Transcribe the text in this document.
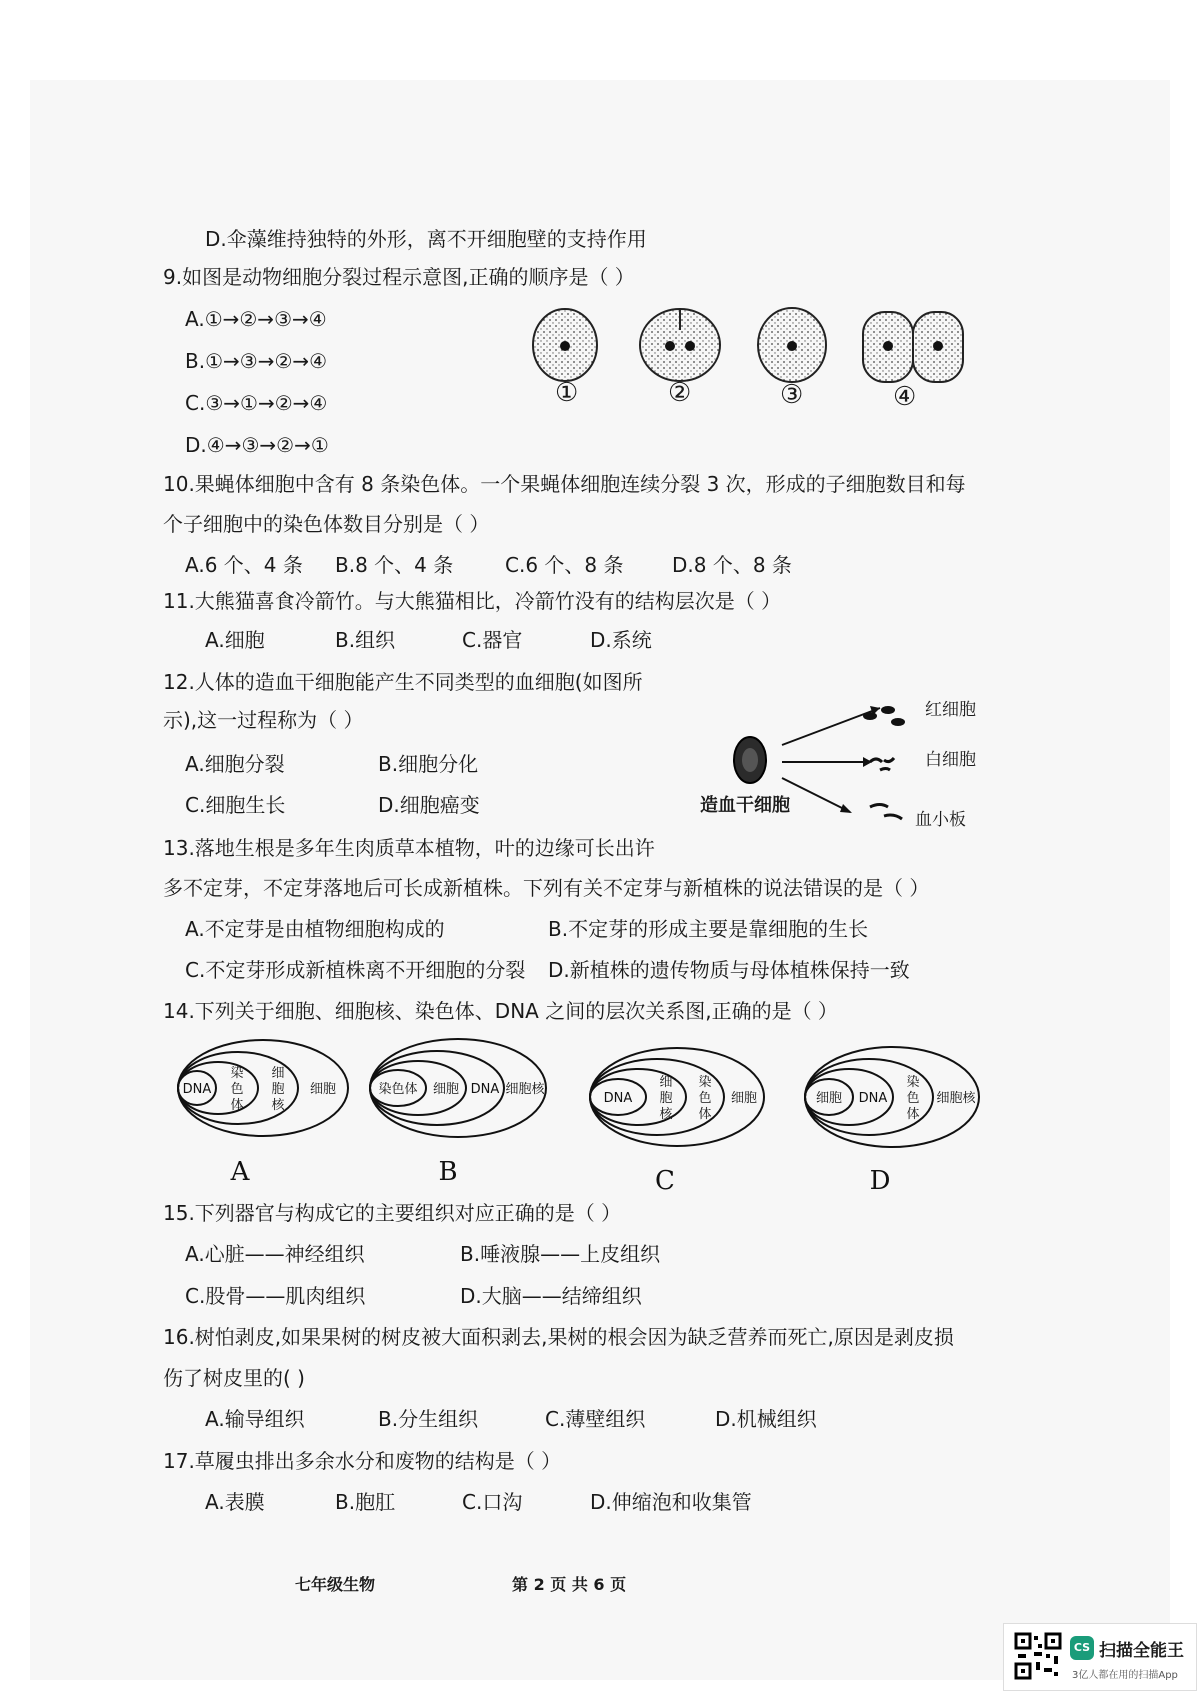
D.伞藻维持独特的外形，离不开细胞壁的支持作用
9.如图是动物细胞分裂过程示意图,正确的顺序是（ ）
A.①→②→③→④
B.①→③→②→④
C.③→①→②→④
D.④→③→②→①
①	②	③	④
10.果蝇体细胞中含有 8 条染色体。一个果蝇体细胞连续分裂 3 次，形成的子细胞数目和每
个子细胞中的染色体数目分别是（ ）
A.6 个、4 条 B.8 个、4 条	C.6 个、8 条 D.8 个、8 条
11.大熊猫喜食冷箭竹。与大熊猫相比，冷箭竹没有的结构层次是（ ）
A.细胞	B.组织	C.器官	D.系统
12.人体的造血干细胞能产生不同类型的血细胞(如图所
示),这一过程称为（ ）
A.细胞分裂	B.细胞分化
C.细胞生长	D.细胞癌变
红细胞
白细胞
血小板
造血干细胞
13.落地生根是多年生肉质草本植物，叶的边缘可长出许
多不定芽，不定芽落地后可长成新植株。下列有关不定芽与新植株的说法错误的是（ ）
A.不定芽是由植物细胞构成的	B.不定芽的形成主要是靠细胞的生长
C.不定芽形成新植株离不开细胞的分裂 D.新植株的遗传物质与母体植株保持一致
14.下列关于细胞、细胞核、染色体、DNA 之间的层次关系图,正确的是（ ）
DNA
染色体
细胞核
细胞
A
染色体 细胞 DNA 细胞核
B
DNA
细胞核
染色体
细胞
C
细胞 DNA
染色体
细胞核
D
15.下列器官与构成它的主要组织对应正确的是（ ）
A.心脏——神经组织	B.唾液腺——上皮组织
C.股骨——肌肉组织	D.大脑——结缔组织
16.树怕剥皮,如果果树的树皮被大面积剥去,果树的根会因为缺乏营养而死亡,原因是剥皮损
伤了树皮里的( )
A.输导组织	B.分生组织	C.薄壁组织	D.机械组织
17.草履虫排出多余水分和废物的结构是（ ）
A.表膜	B.胞肛	C.口沟	D.伸缩泡和收集管
七年级生物	第 2 页 共 6 页
CS 扫描全能王
3亿人都在用的扫描App
